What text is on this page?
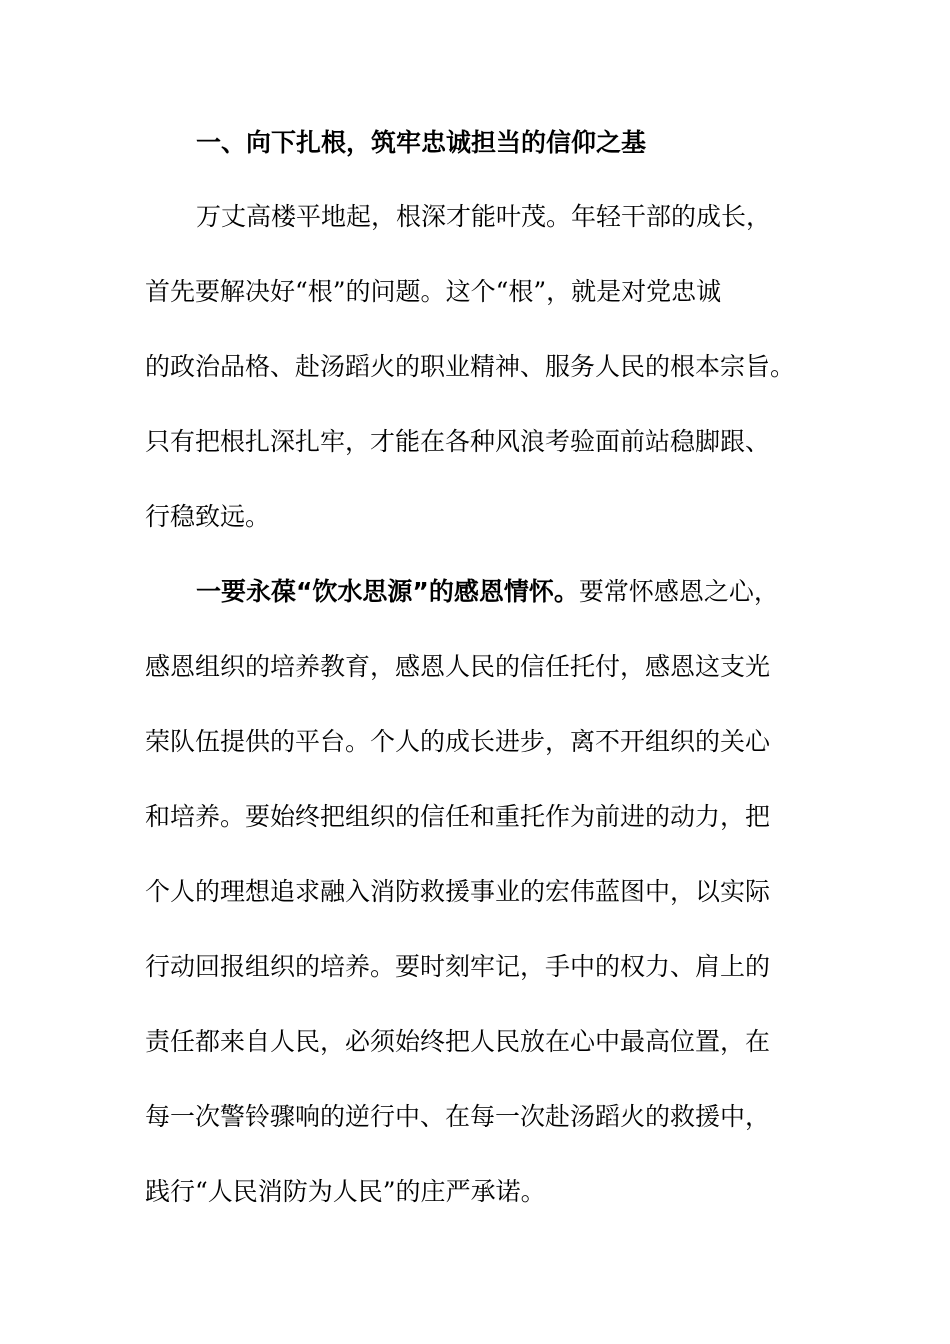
一、向下扎根，筑牢忠诚担当的信仰之基
万丈高楼平地起，根深才能叶茂。年轻干部的成长，
首先要解决好“根”的问题。这个“根”，就是对党忠诚
的政治品格、赴汤蹈火的职业精神、服务人民的根本宗旨。
只有把根扎深扎牢，才能在各种风浪考验面前站稳脚跟、
行稳致远。
一要永葆“饮水思源”的感恩情怀。要常怀感恩之心，
感恩组织的培养教育，感恩人民的信任托付，感恩这支光
荣队伍提供的平台。个人的成长进步，离不开组织的关心
和培养。要始终把组织的信任和重托作为前进的动力，把
个人的理想追求融入消防救援事业的宏伟蓝图中，以实际
行动回报组织的培养。要时刻牢记，手中的权力、肩上的
责任都来自人民，必须始终把人民放在心中最高位置，在
每一次警铃骤响的逆行中、在每一次赴汤蹈火的救援中，
践行“人民消防为人民”的庄严承诺。
